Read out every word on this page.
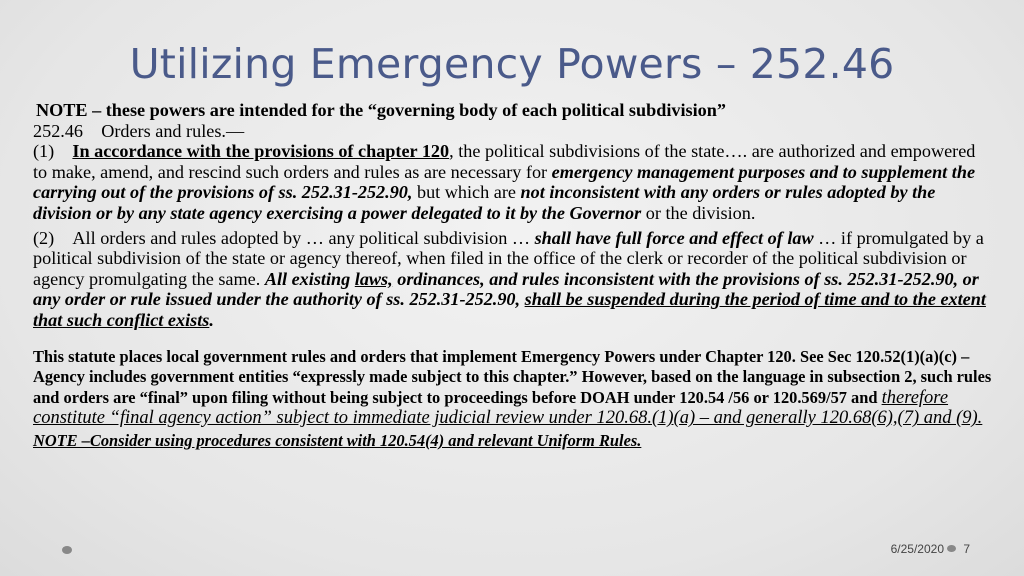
Utilizing Emergency Powers – 252.46

NOTE – these powers are intended for the “governing body of each political subdivision”

252.46    Orders and rules.—

(1)    In accordance with the provisions of chapter 120, the political subdivisions of the state…. are authorized and empowered to make, amend, and rescind such orders and rules as are necessary for emergency management purposes and to supplement the carrying out of the provisions of ss. 252.31-252.90, but which are not inconsistent with any orders or rules adopted by the division or by any state agency exercising a power delegated to it by the Governor or the division.

(2)    All orders and rules adopted by … any political subdivision … shall have full force and effect of law … if promulgated by a political subdivision of the state or agency thereof, when filed in the office of the clerk or recorder of the political subdivision or agency promulgating the same. All existing laws, ordinances, and rules inconsistent with the provisions of ss. 252.31-252.90, or any order or rule issued under the authority of ss. 252.31-252.90, shall be suspended during the period of time and to the extent that such conflict exists.

This statute places local government rules and orders that implement Emergency Powers under Chapter 120. See Sec 120.52(1)(a)(c) – Agency includes government entities “expressly made subject to this chapter.” However, based on the language in subsection 2, such rules and orders are “final” upon filing without being subject to proceedings before DOAH under 120.54 /56 or 120.569/57 and therefore constitute “final agency action” subject to immediate judicial review under 120.68.(1)(a) – and generally 120.68(6),(7) and (9).

NOTE –Consider using procedures consistent with 120.54(4) and relevant Uniform Rules.

6/25/2020 7
